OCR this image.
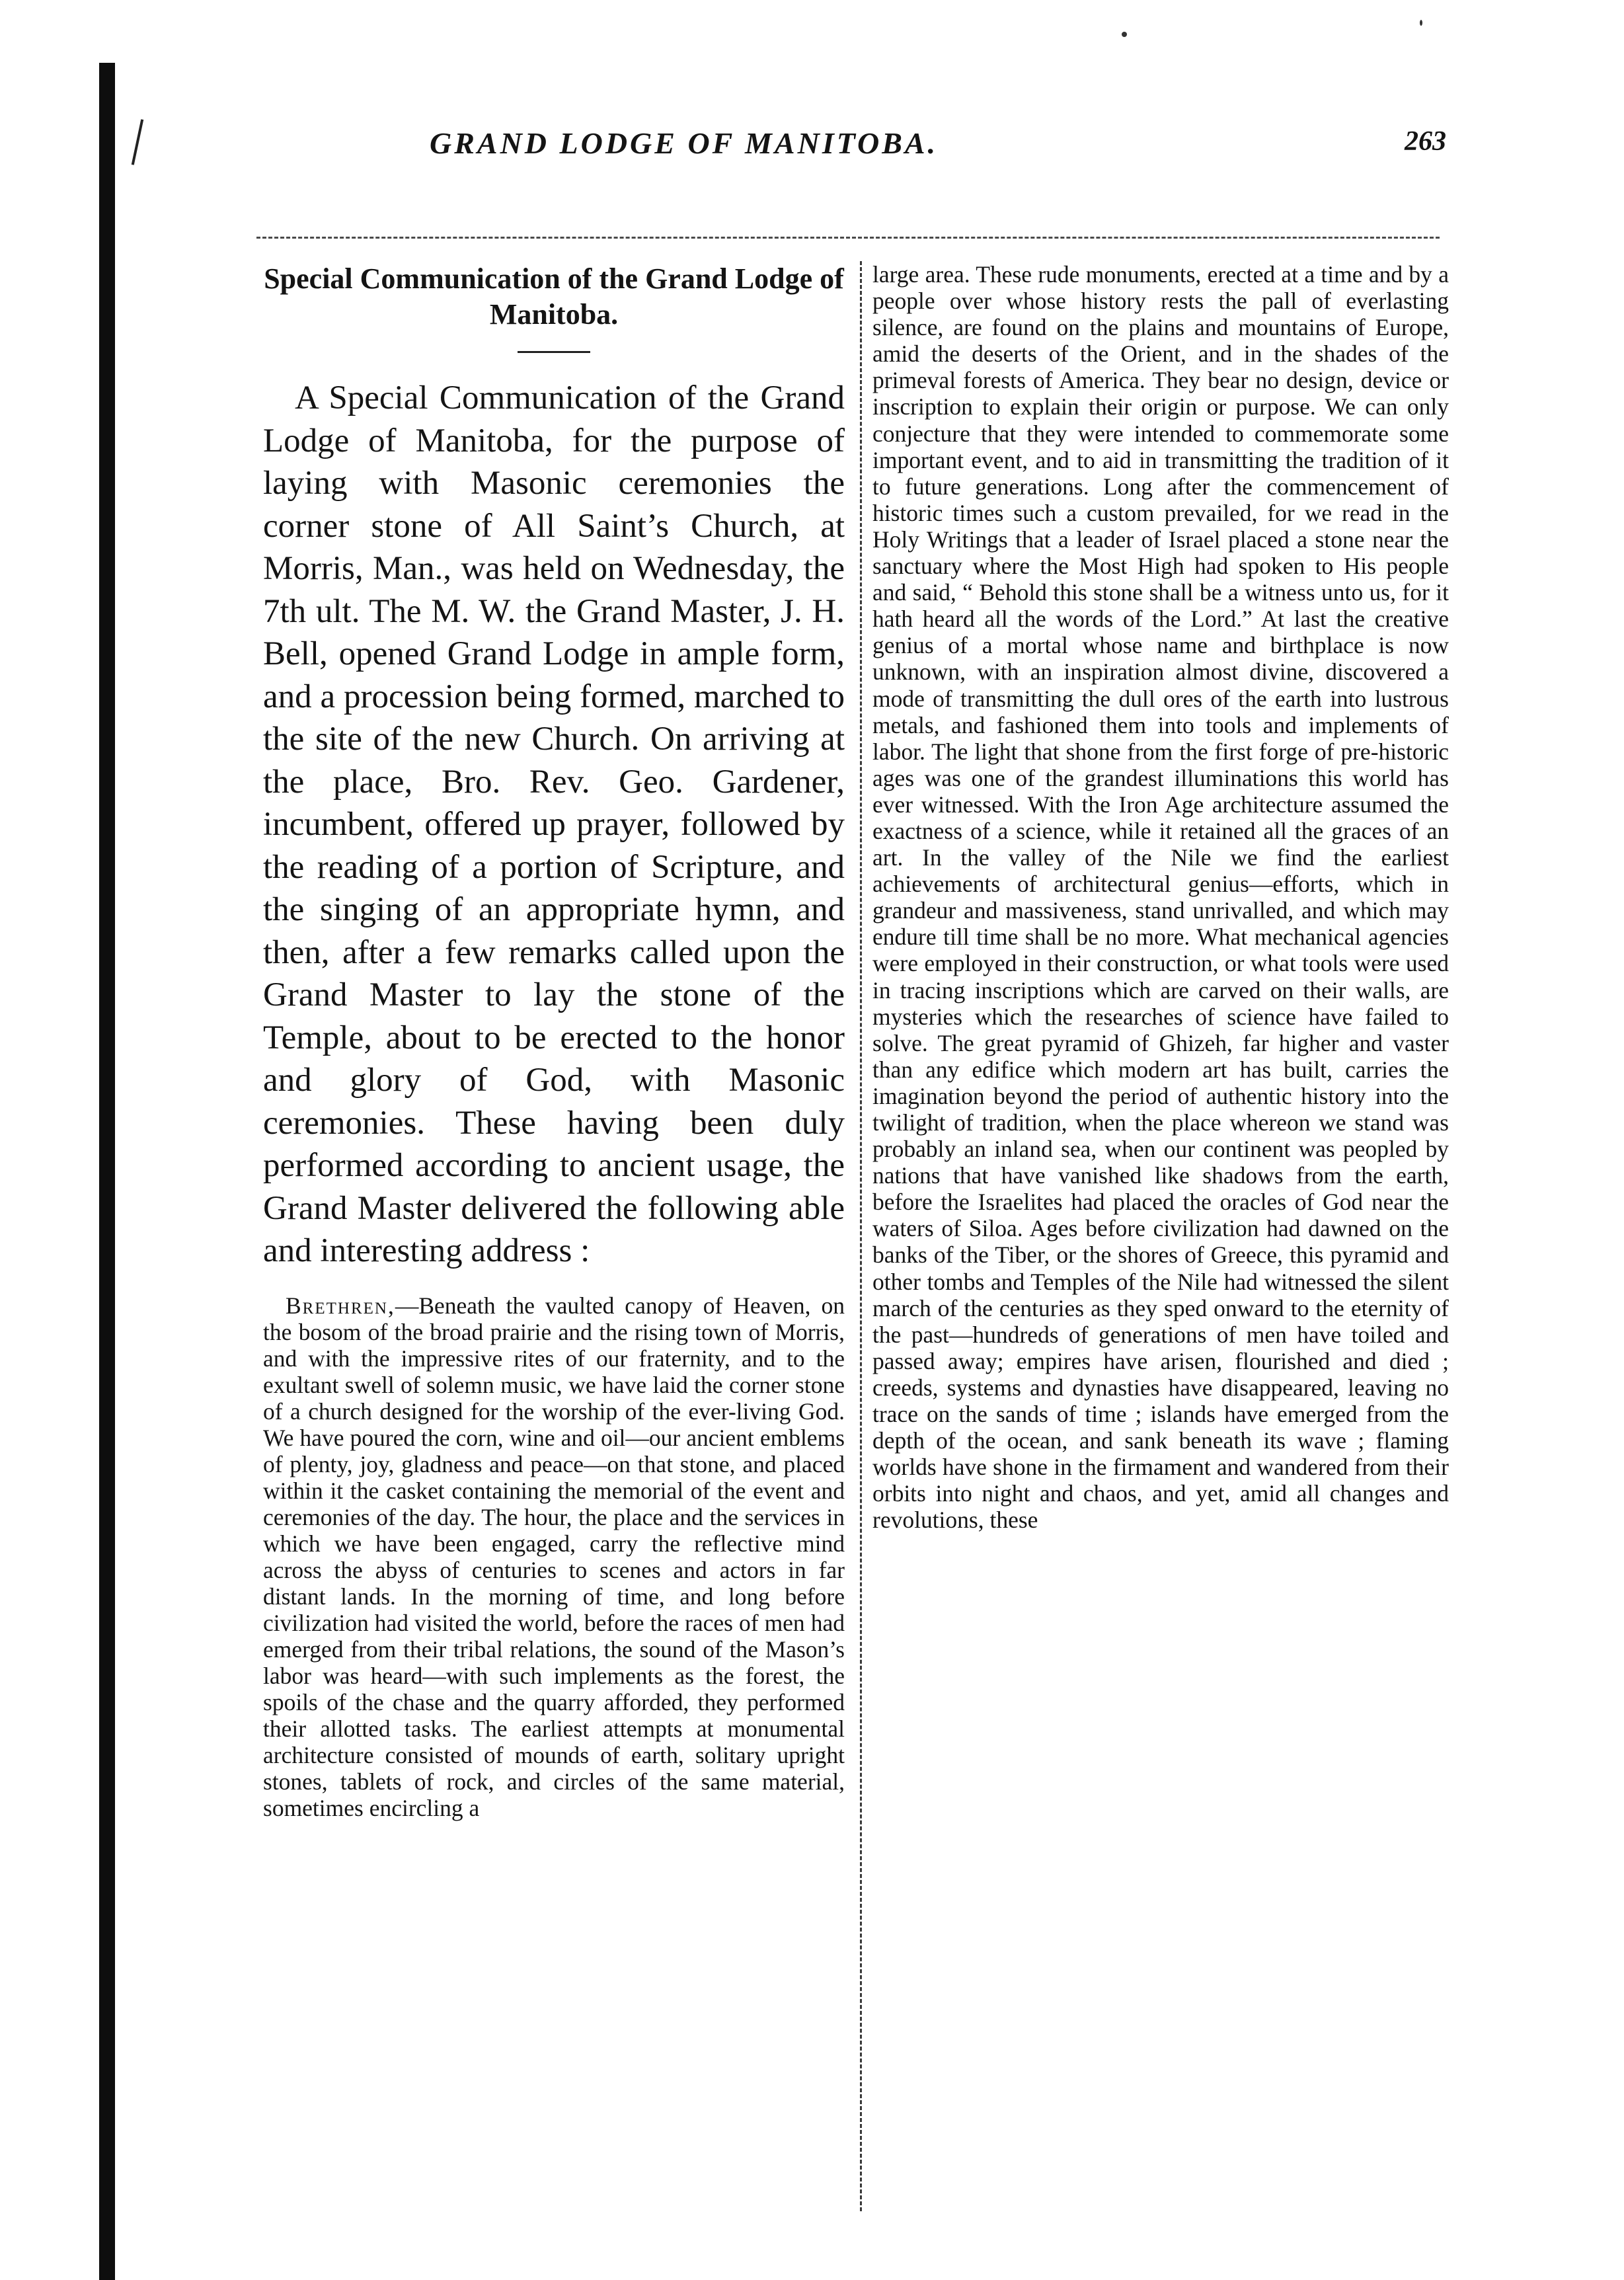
GRAND LODGE OF MANITOBA.	263
Special Communication of the Grand Lodge of Manitoba.

A Special Communication of the Grand Lodge of Manitoba, for the purpose of laying with Masonic ceremonies the corner stone of All Saint’s Church, at Morris, Man., was held on Wednesday, the 7th ult. The M. W. the Grand Master, J. H. Bell, opened Grand Lodge in ample form, and a procession being formed, marched to the site of the new Church. On arriving at the place, Bro. Rev. Geo. Gardener, incumbent, offered up prayer, followed by the reading of a portion of Scripture, and the singing of an appropriate hymn, and then, after a few remarks called upon the Grand Master to lay the stone of the Temple, about to be erected to the honor and glory of God, with Masonic ceremonies. These having been duly performed according to ancient usage, the Grand Master delivered the following able and interesting address :

Brethren,—Beneath the vaulted canopy of Heaven, on the bosom of the broad prairie and the rising town of Morris, and with the impressive rites of our fraternity, and to the exultant swell of solemn music, we have laid the corner stone of a church designed for the worship of the ever-living God. We have poured the corn, wine and oil—our ancient emblems of plenty, joy, gladness and peace—on that stone, and placed within it the casket containing the memorial of the event and ceremonies of the day. The hour, the place and the services in which we have been engaged, carry the reflective mind across the abyss of centuries to scenes and actors in far distant lands. In the morning of time, and long before civilization had visited the world, before the races of men had emerged from their tribal relations, the sound of the Mason’s labor was heard—with such implements as the forest, the spoils of the chase and the quarry afforded, they performed their allotted tasks. The earliest attempts at monumental architecture consisted of mounds of earth, solitary upright stones, tablets of rock, and circles of the same material, sometimes encircling a

large area. These rude monuments, erected at a time and by a people over whose history rests the pall of everlasting silence, are found on the plains and mountains of Europe, amid the deserts of the Orient, and in the shades of the primeval forests of America. They bear no design, device or inscription to explain their origin or purpose. We can only conjecture that they were intended to commemorate some important event, and to aid in transmitting the tradition of it to future generations. Long after the commencement of historic times such a custom prevailed, for we read in the Holy Writings that a leader of Israel placed a stone near the sanctuary where the Most High had spoken to His people and said, “ Behold this stone shall be a witness unto us, for it hath heard all the words of the Lord.” At last the creative genius of a mortal whose name and birthplace is now unknown, with an inspiration almost divine, discovered a mode of transmitting the dull ores of the earth into lustrous metals, and fashioned them into tools and implements of labor. The light that shone from the first forge of pre-historic ages was one of the grandest illuminations this world has ever witnessed. With the Iron Age architecture assumed the exactness of a science, while it retained all the graces of an art. In the valley of the Nile we find the earliest achievements of architectural genius—efforts, which in grandeur and massiveness, stand unrivalled, and which may endure till time shall be no more. What mechanical agencies were employed in their construction, or what tools were used in tracing inscriptions which are carved on their walls, are mysteries which the researches of science have failed to solve. The great pyramid of Ghizeh, far higher and vaster than any edifice which modern art has built, carries the imagination beyond the period of authentic history into the twilight of tradition, when the place whereon we stand was probably an inland sea, when our continent was peopled by nations that have vanished like shadows from the earth, before the Israelites had placed the oracles of God near the waters of Siloa. Ages before civilization had dawned on the banks of the Tiber, or the shores of Greece, this pyramid and other tombs and Temples of the Nile had witnessed the silent march of the centuries as they sped onward to the eternity of the past—hundreds of generations of men have toiled and passed away; empires have arisen, flourished and died ; creeds, systems and dynasties have disappeared, leaving no trace on the sands of time ; islands have emerged from the depth of the ocean, and sank beneath its wave ; flaming worlds have shone in the firmament and wandered from their orbits into night and chaos, and yet, amid all changes and revolutions, these
